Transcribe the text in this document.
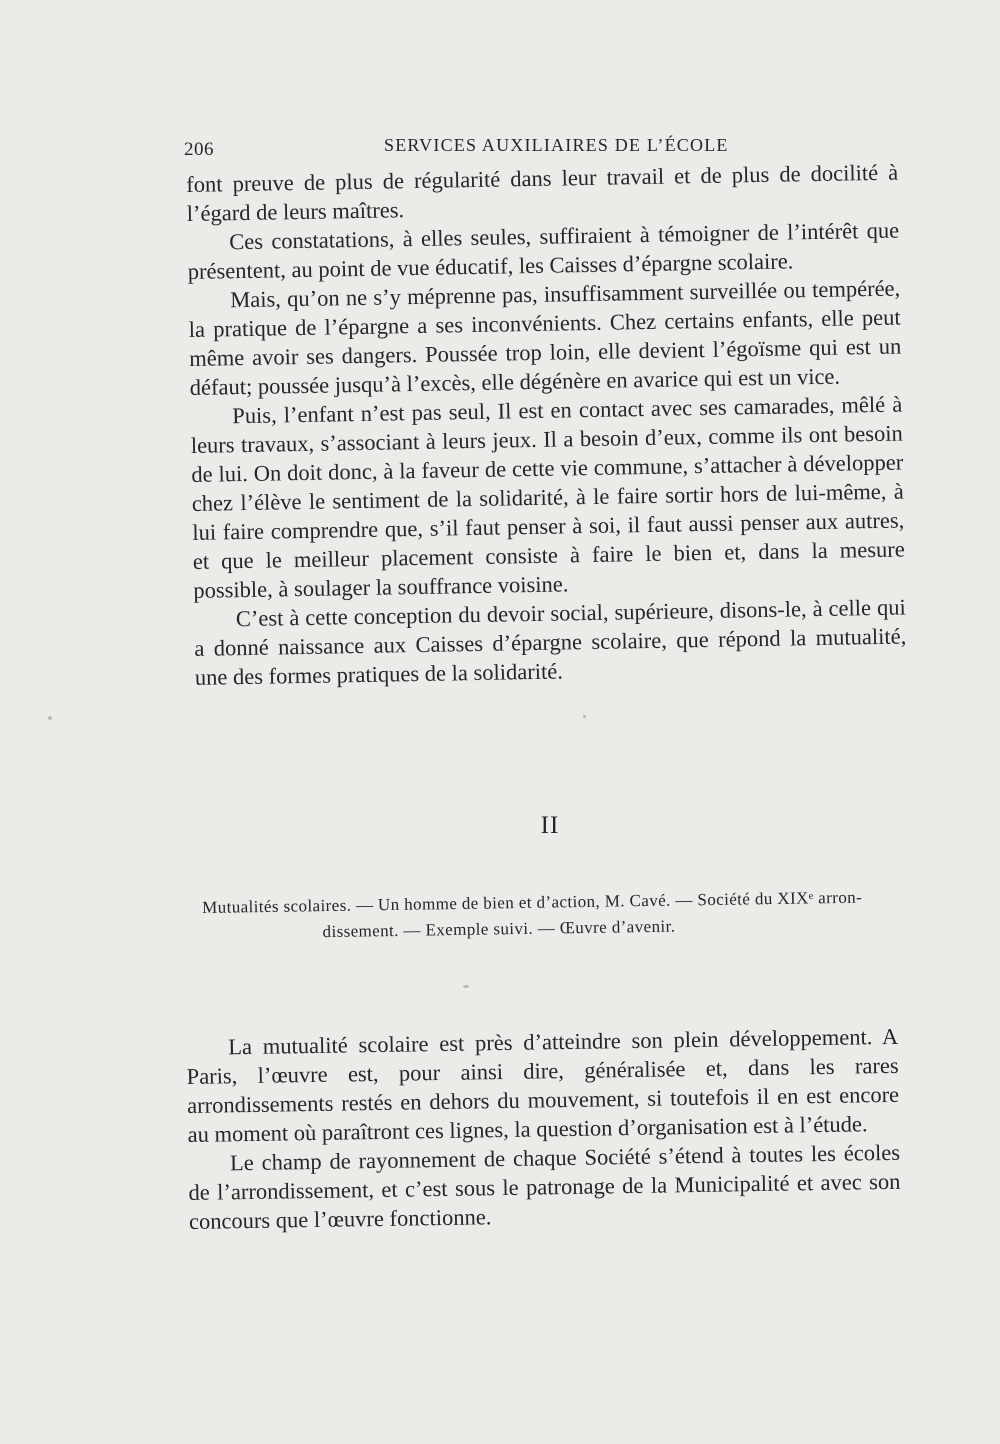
206	SERVICES AUXILIAIRES DE L’ÉCOLE

font preuve de plus de régularité dans leur travail et de plus de docilité à l’égard de leurs maîtres.

Ces constatations, à elles seules, suffiraient à témoigner de l’intérêt que présentent, au point de vue éducatif, les Caisses d’épargne scolaire.

Mais, qu’on ne s’y méprenne pas, insuffisamment surveillée ou tempérée, la pratique de l’épargne a ses inconvénients. Chez certains enfants, elle peut même avoir ses dangers. Poussée trop loin, elle devient l’égoïsme qui est un défaut; poussée jusqu’à l’excès, elle dégénère en avarice qui est un vice.

Puis, l’enfant n’est pas seul, Il est en contact avec ses camarades, mêlé à leurs travaux, s’associant à leurs jeux. Il a besoin d’eux, comme ils ont besoin de lui. On doit donc, à la faveur de cette vie commune, s’attacher à développer chez l’élève le sentiment de la solidarité, à le faire sortir hors de lui-même, à lui faire comprendre que, s’il faut penser à soi, il faut aussi penser aux autres, et que le meilleur placement consiste à faire le bien et, dans la mesure possible, à soulager la souffrance voisine.

C’est à cette conception du devoir social, supérieure, disons-le, à celle qui a donné naissance aux Caisses d’épargne scolaire, que répond la mutualité, une des formes pratiques de la solidarité.

II
Mutualités scolaires. — Un homme de bien et d’action, M. Cavé. — Société du XIXᵉ arron-
dissement. — Exemple suivi. — Œuvre d’avenir.

La mutualité scolaire est près d’atteindre son plein développement. A Paris, l’œuvre est, pour ainsi dire, généralisée et, dans les rares arrondissements restés en dehors du mouvement, si toutefois il en est encore au moment où paraîtront ces lignes, la question d’organisation est à l’étude.

Le champ de rayonnement de chaque Société s’étend à toutes les écoles de l’arrondissement, et c’est sous le patronage de la Municipalité et avec son concours que l’œuvre fonctionne.
